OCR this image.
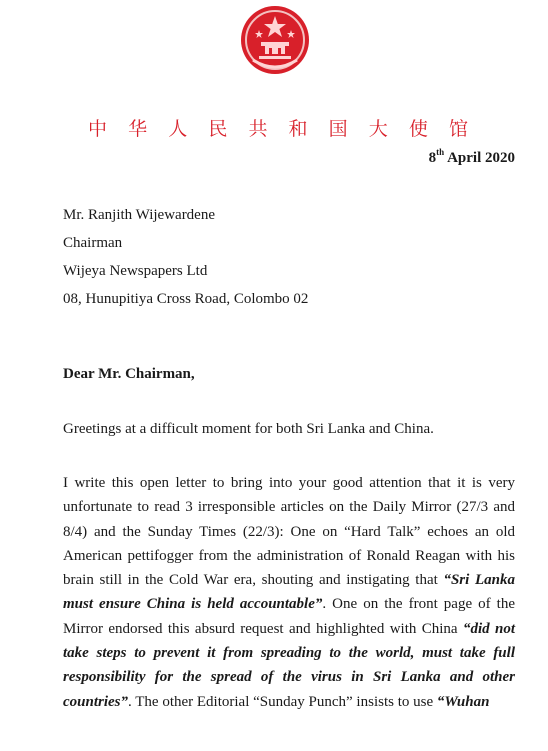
中 华 人 民 共 和 国 大 使 馆
8th April 2020
Mr. Ranjith Wijewardene
Chairman
Wijeya Newspapers Ltd
08, Hunupitiya Cross Road, Colombo 02
Dear Mr. Chairman,
Greetings at a difficult moment for both Sri Lanka and China.
I write this open letter to bring into your good attention that it is very unfortunate to read 3 irresponsible articles on the Daily Mirror (27/3 and 8/4) and the Sunday Times (22/3): One on “Hard Talk” echoes an old American pettifogger from the administration of Ronald Reagan with his brain still in the Cold War era, shouting and instigating that “Sri Lanka must ensure China is held accountable”. One on the front page of the Mirror endorsed this absurd request and highlighted with China “did not take steps to prevent it from spreading to the world, must take full responsibility for the spread of the virus in Sri Lanka and other countries”. The other Editorial “Sunday Punch” insists to use “Wuhan
